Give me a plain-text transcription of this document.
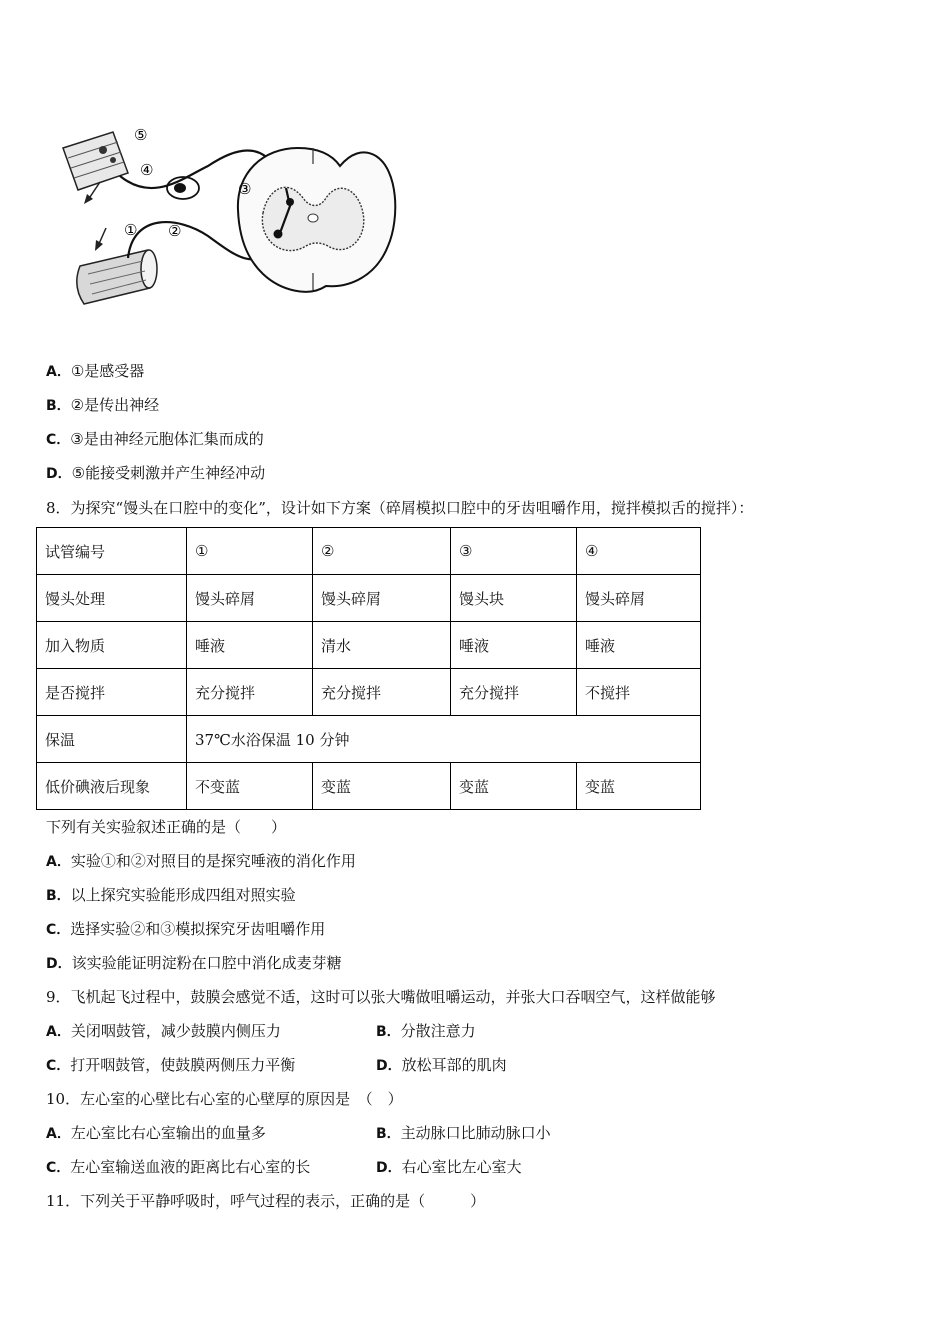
⑤
④
① ②
③
A．①是感受器
B．②是传出神经
C．③是由神经元胞体汇集而成的
D．⑤能接受刺激并产生神经冲动
8．为探究“馒头在口腔中的变化”，设计如下方案（碎屑模拟口腔中的牙齿咀嚼作用，搅拌模拟舌的搅拌）：
试管编号	①	②	③	④
馒头处理	馒头碎屑	馒头碎屑	馒头块	馒头碎屑
加入物质	唾液	清水	唾液	唾液
是否搅拌	充分搅拌	充分搅拌	充分搅拌	不搅拌
保温	37℃水浴保温 10 分钟			
低价碘液后现象	不变蓝	变蓝	变蓝	变蓝
下列有关实验叙述正确的是（　　）
A．实验①和②对照目的是探究唾液的消化作用
B．以上探究实验能形成四组对照实验
C．选择实验②和③模拟探究牙齿咀嚼作用
D．该实验能证明淀粉在口腔中消化成麦芽糖
9．飞机起飞过程中，鼓膜会感觉不适，这时可以张大嘴做咀嚼运动，并张大口吞咽空气，这样做能够
A．关闭咽鼓管，减少鼓膜内侧压力	B．分散注意力
C．打开咽鼓管，使鼓膜两侧压力平衡	D．放松耳部的肌肉
10．左心室的心壁比右心室的心壁厚的原因是　（　）
A．左心室比右心室输出的血量多	B．主动脉口比肺动脉口小
C．左心室输送血液的距离比右心室的长	D．右心室比左心室大
11．下列关于平静呼吸时，呼气过程的表示，正确的是（　　　）
